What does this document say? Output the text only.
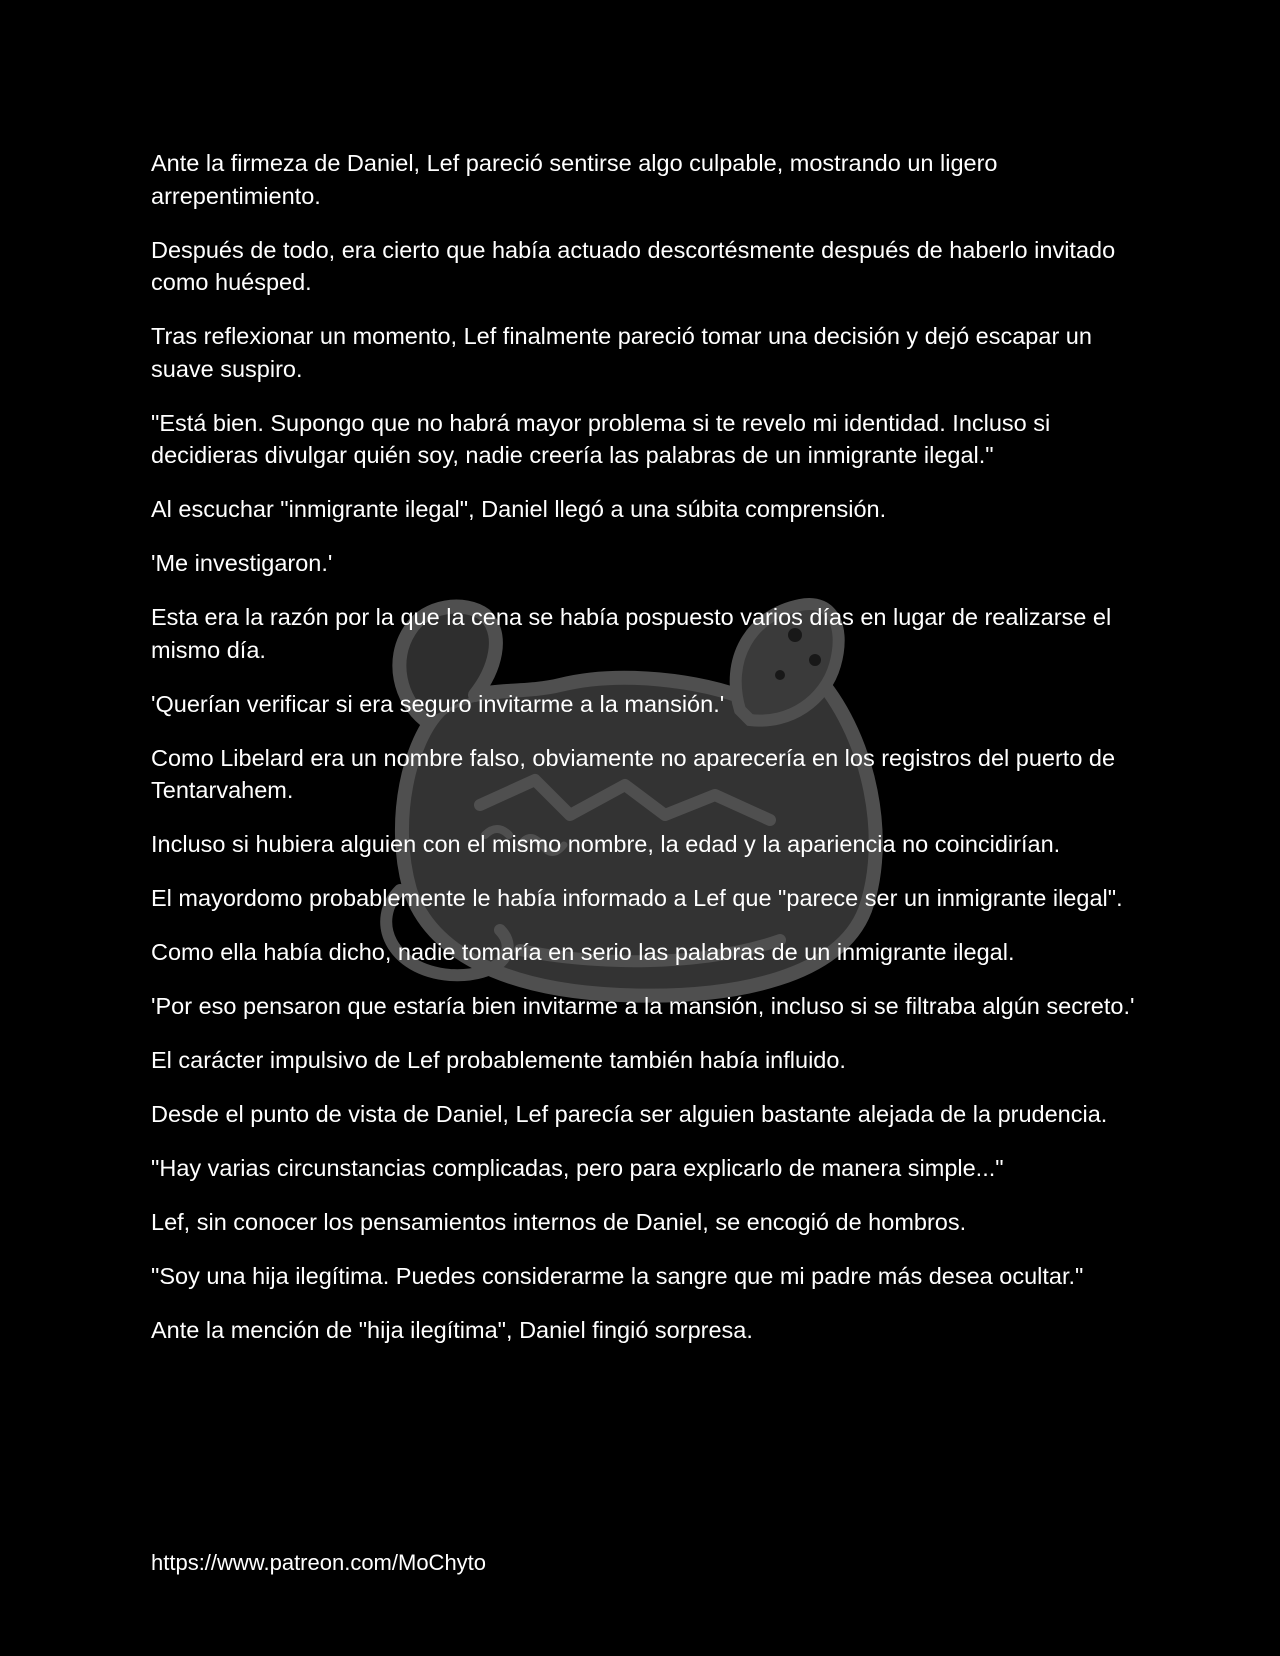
Ante la firmeza de Daniel, Lef pareció sentirse algo culpable, mostrando un ligero arrepentimiento.

Después de todo, era cierto que había actuado descortésmente después de haberlo invitado como huésped.

Tras reflexionar un momento, Lef finalmente pareció tomar una decisión y dejó escapar un suave suspiro.

"Está bien. Supongo que no habrá mayor problema si te revelo mi identidad. Incluso si decidieras divulgar quién soy, nadie creería las palabras de un inmigrante ilegal."

Al escuchar "inmigrante ilegal", Daniel llegó a una súbita comprensión.

'Me investigaron.'

Esta era la razón por la que la cena se había pospuesto varios días en lugar de realizarse el mismo día.

'Querían verificar si era seguro invitarme a la mansión.'

Como Libelard era un nombre falso, obviamente no aparecería en los registros del puerto de Tentarvahem.

Incluso si hubiera alguien con el mismo nombre, la edad y la apariencia no coincidirían.

El mayordomo probablemente le había informado a Lef que "parece ser un inmigrante ilegal".

Como ella había dicho, nadie tomaría en serio las palabras de un inmigrante ilegal.

'Por eso pensaron que estaría bien invitarme a la mansión, incluso si se filtraba algún secreto.'

El carácter impulsivo de Lef probablemente también había influido.

Desde el punto de vista de Daniel, Lef parecía ser alguien bastante alejada de la prudencia.

"Hay varias circunstancias complicadas, pero para explicarlo de manera simple..."

Lef, sin conocer los pensamientos internos de Daniel, se encogió de hombros.

"Soy una hija ilegítima. Puedes considerarme la sangre que mi padre más desea ocultar."

Ante la mención de "hija ilegítima", Daniel fingió sorpresa.

https://www.patreon.com/MoChyto
